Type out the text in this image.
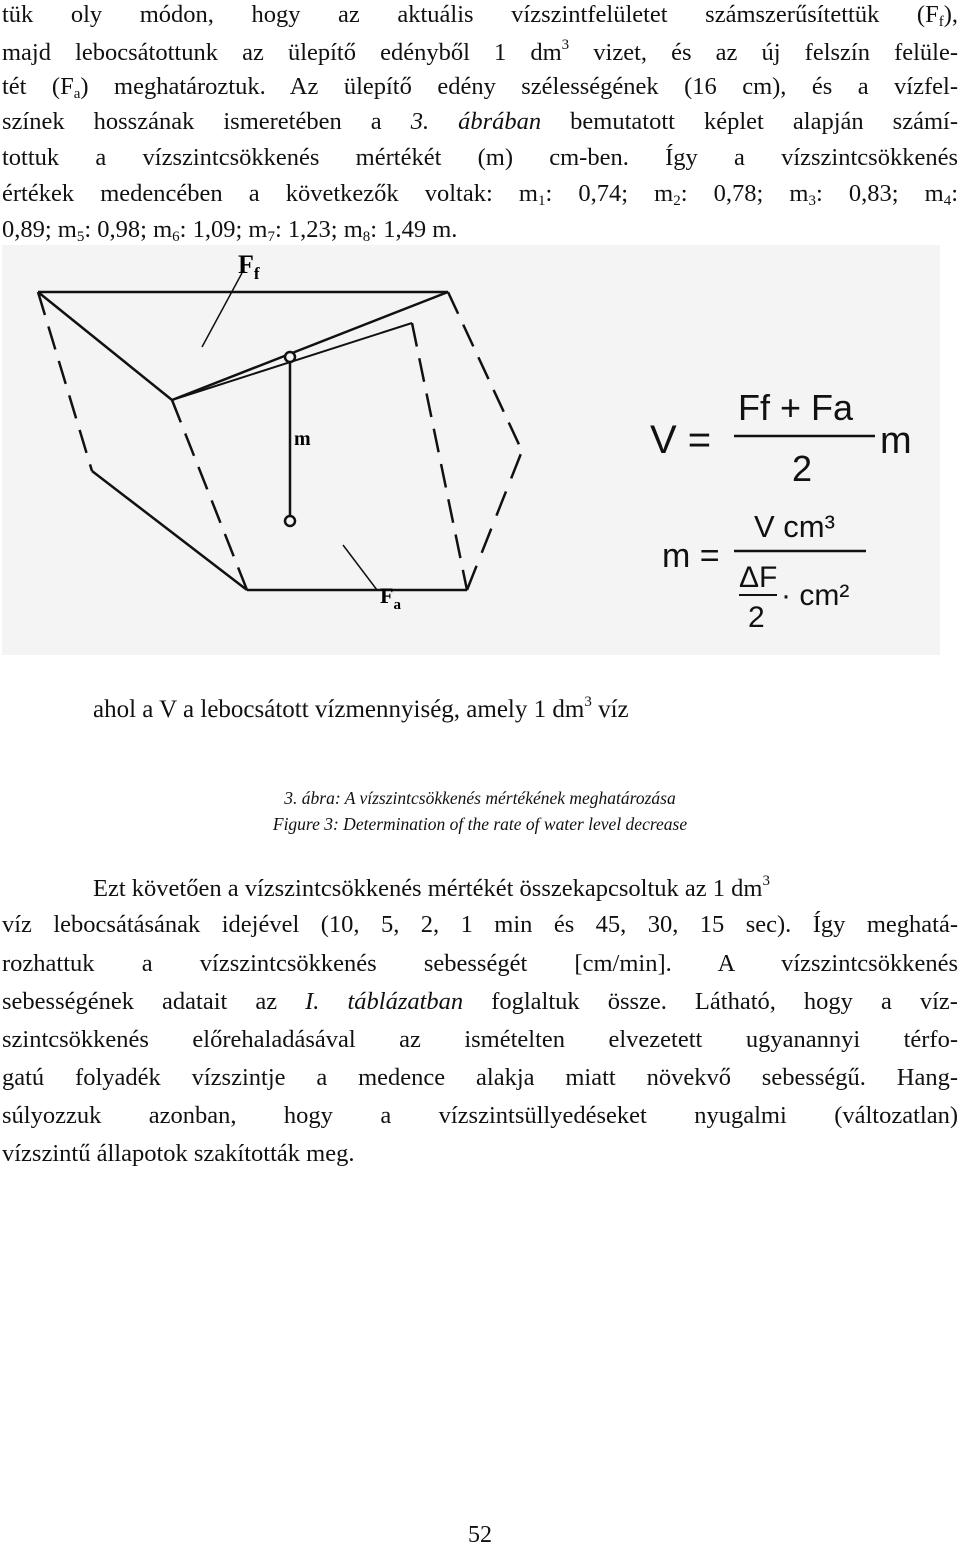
tük oly módon, hogy az aktuális vízszintfelületet számszerűsítettük $(F_f)$,
majd lebocsátottunk az ülepítő edényből 1 $dm^3$ vizet, és az új felszín felüle-
tét $(F_a)$ meghatároztuk. Az ülepítő edény szélességének (16 cm), és a vízfel-
színek hosszának ismeretében a 3. ábrában bemutatott képlet alapján számí-
tottuk a vízszintcsökkenés mértékét (m) cm-ben. Így a vízszintcsökkenés
értékek medencében a következők voltak: $m_1$: 0,74; $m_2$: 0,78; $m_3$: 0,83; $m_4$:
0,89; $m_5$: 0,98; $m_6$: 1,09; $m_7$: 1,23; $m_8$: 1,49 m.
$F_f$
m
$F_a$
V =
Ff + Fa
2
m
m =
V cm³
ΔF
2
· cm²
ahol a V a lebocsátott vízmennyiség, amely 1 $dm^3$ víz
3. ábra: A vízszintcsökkenés mértékének meghatározása
Figure 3: Determination of the rate of water level decrease
Ezt követően a vízszintcsökkenés mértékét összekapcsoltuk az 1 $dm^3$
víz lebocsátásának idejével (10, 5, 2, 1 min és 45, 30, 15 sec). Így meghatá-
rozhattuk a vízszintcsökkenés sebességét [cm/min]. A vízszintcsökkenés
sebességének adatait az I. táblázatban foglaltuk össze. Látható, hogy a víz-
szintcsökkenés előrehaladásával az ismételten elvezetett ugyanannyi térfo-
gatú folyadék vízszintje a medence alakja miatt növekvő sebességű. Hang-
súlyozzuk azonban, hogy a vízszintsüllyedéseket nyugalmi (változatlan)
vízszintű állapotok szakították meg.
52
